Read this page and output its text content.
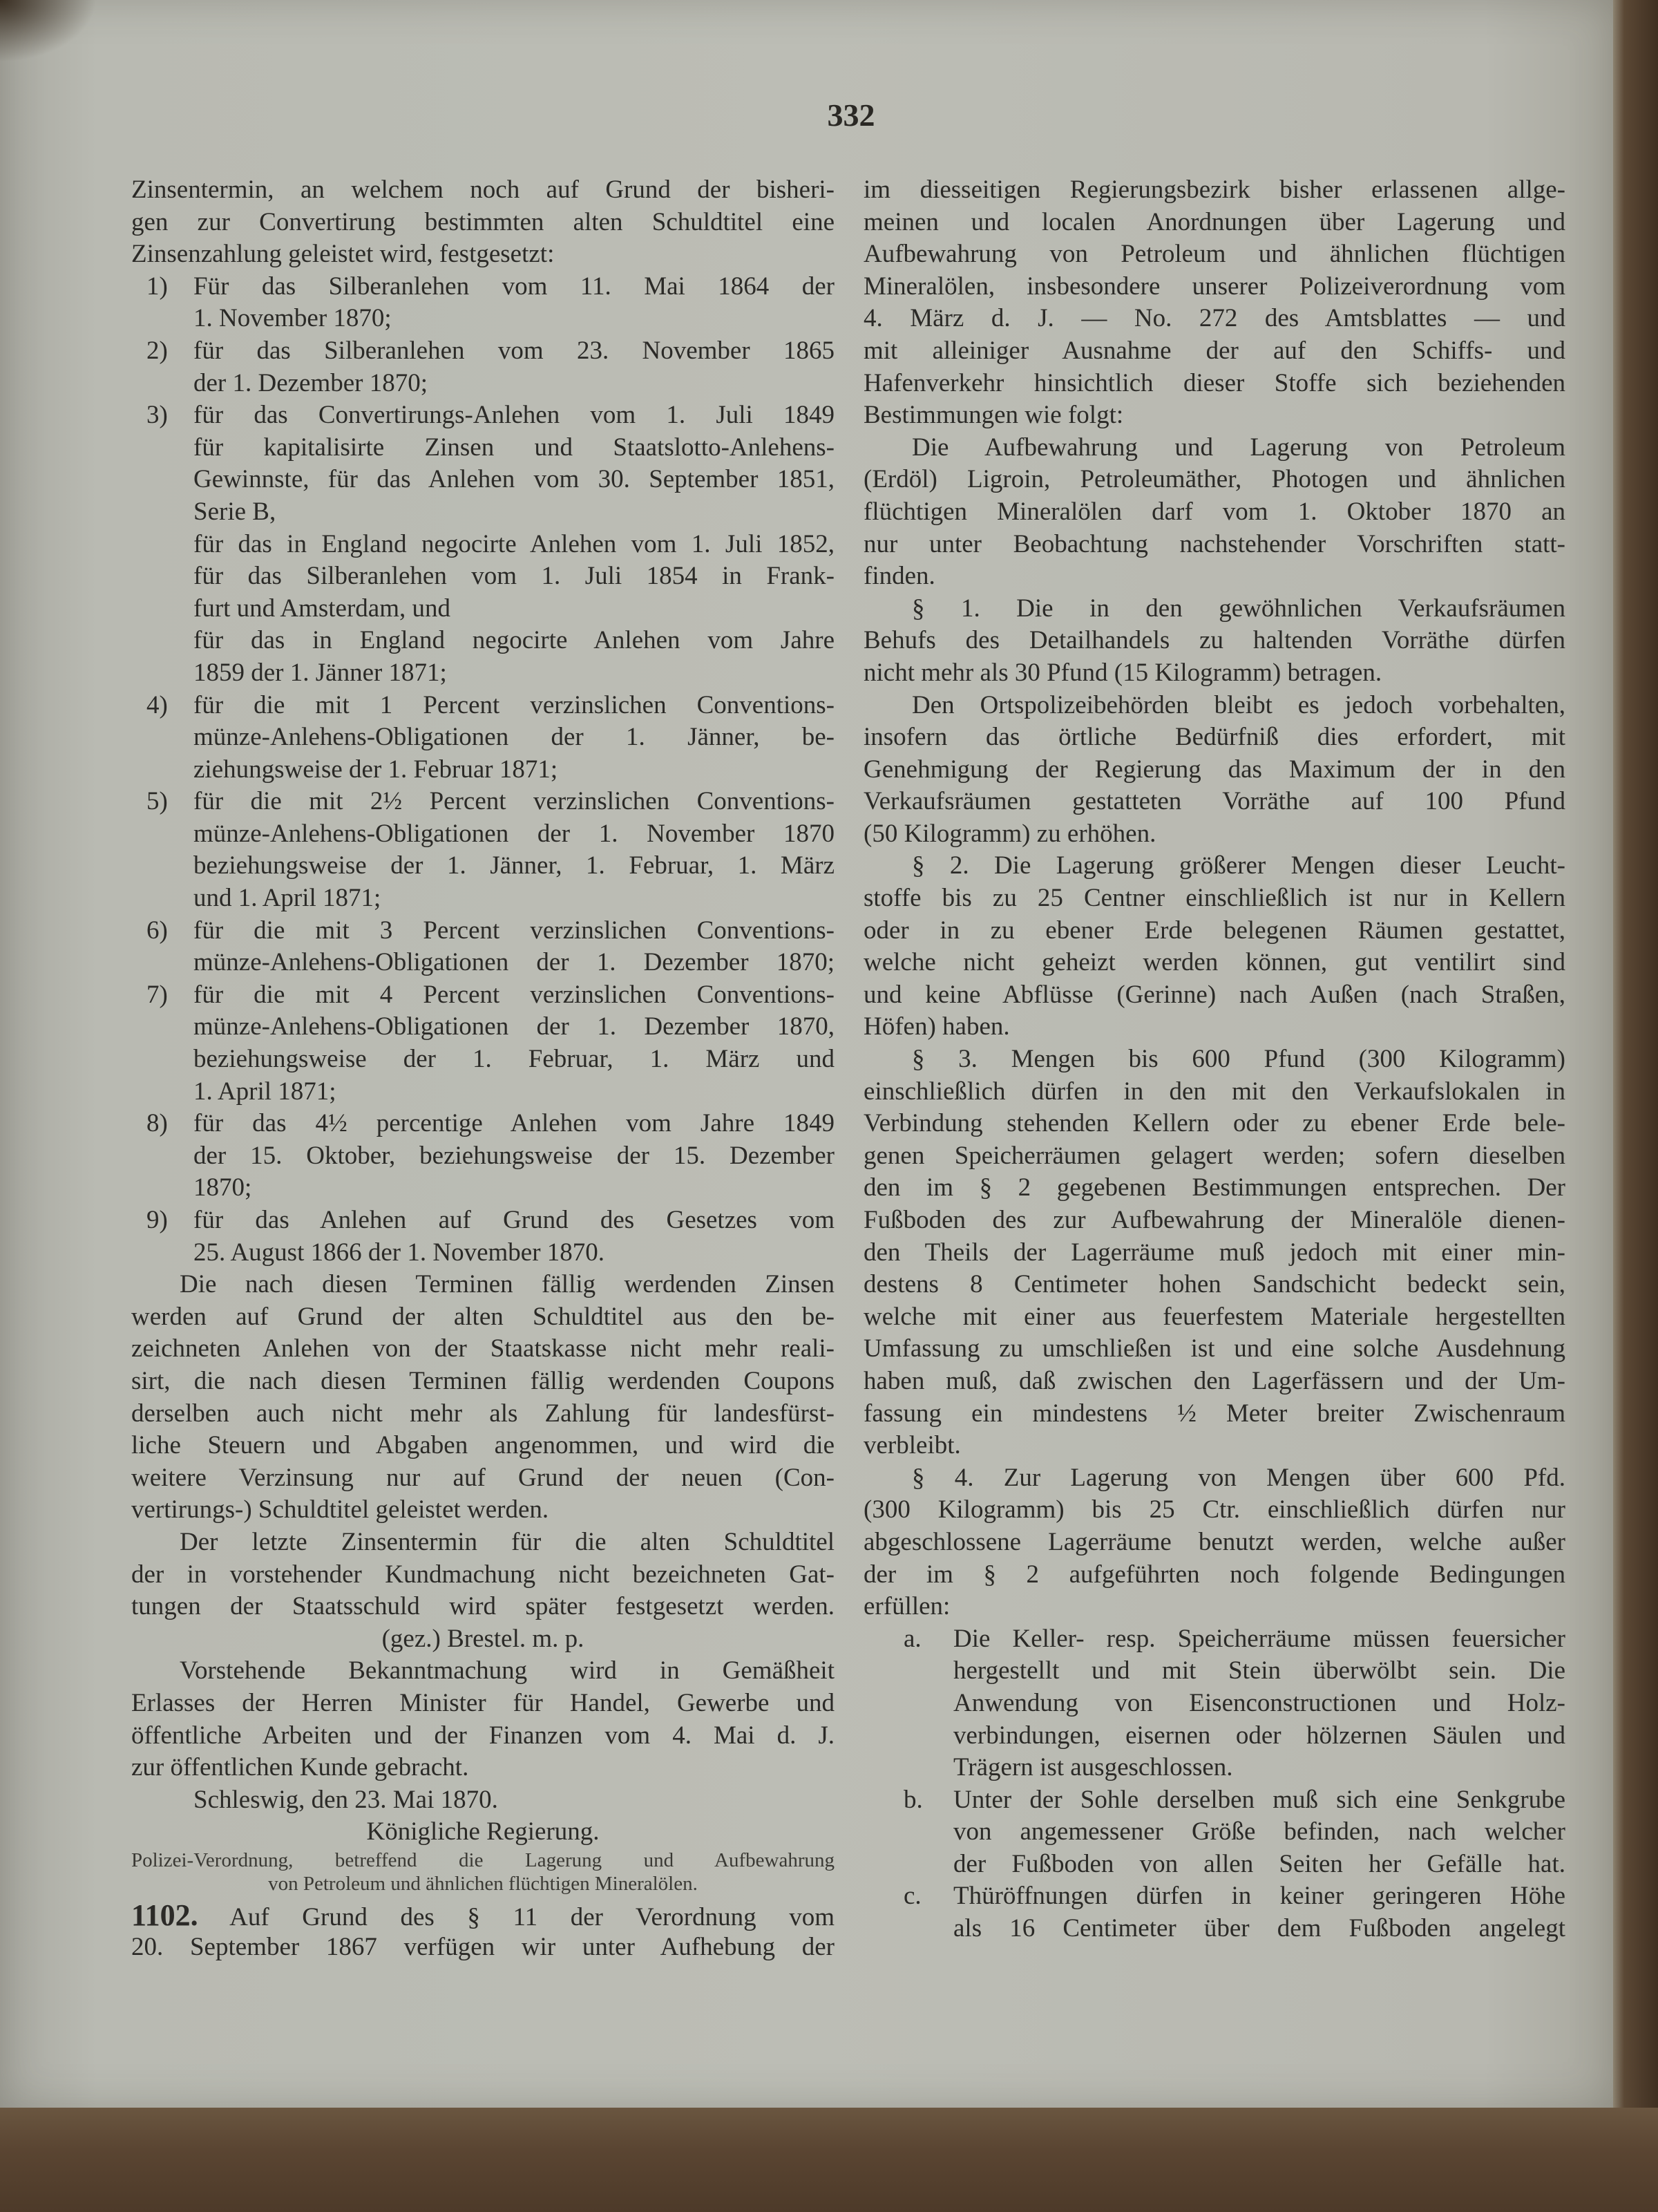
332
Zinsentermin, an welchem noch auf Grund der bisheri-
gen zur Convertirung bestimmten alten Schuldtitel eine
Zinsenzahlung geleistet wird, festgesetzt:
1) Für das Silberanlehen vom 11. Mai 1864 der
1. November 1870;
2) für das Silberanlehen vom 23. November 1865
der 1. Dezember 1870;
3) für das Convertirungs-Anlehen vom 1. Juli 1849
für kapitalisirte Zinsen und Staatslotto-Anlehens-
Gewinnste, für das Anlehen vom 30. September 1851,
Serie B,
für das in England negocirte Anlehen vom 1. Juli 1852,
für das Silberanlehen vom 1. Juli 1854 in Frank-
furt und Amsterdam, und
für das in England negocirte Anlehen vom Jahre
1859 der 1. Jänner 1871;
4) für die mit 1 Percent verzinslichen Conventions-
münze-Anlehens-Obligationen der 1. Jänner, be-
ziehungsweise der 1. Februar 1871;
5) für die mit 2½ Percent verzinslichen Conventions-
münze-Anlehens-Obligationen der 1. November 1870
beziehungsweise der 1. Jänner, 1. Februar, 1. März
und 1. April 1871;
6) für die mit 3 Percent verzinslichen Conventions-
münze-Anlehens-Obligationen der 1. Dezember 1870;
7) für die mit 4 Percent verzinslichen Conventions-
münze-Anlehens-Obligationen der 1. Dezember 1870,
beziehungsweise der 1. Februar, 1. März und
1. April 1871;
8) für das 4½ percentige Anlehen vom Jahre 1849
der 15. Oktober, beziehungsweise der 15. Dezember
1870;
9) für das Anlehen auf Grund des Gesetzes vom
25. August 1866 der 1. November 1870.
Die nach diesen Terminen fällig werdenden Zinsen
werden auf Grund der alten Schuldtitel aus den be-
zeichneten Anlehen von der Staatskasse nicht mehr reali-
sirt, die nach diesen Terminen fällig werdenden Coupons
derselben auch nicht mehr als Zahlung für landesfürst-
liche Steuern und Abgaben angenommen, und wird die
weitere Verzinsung nur auf Grund der neuen (Con-
vertirungs-) Schuldtitel geleistet werden.
Der letzte Zinsentermin für die alten Schuldtitel
der in vorstehender Kundmachung nicht bezeichneten Gat-
tungen der Staatsschuld wird später festgesetzt werden.
(gez.) Brestel. m. p.
Vorstehende Bekanntmachung wird in Gemäßheit
Erlasses der Herren Minister für Handel, Gewerbe und
öffentliche Arbeiten und der Finanzen vom 4. Mai d. J.
zur öffentlichen Kunde gebracht.
Schleswig, den 23. Mai 1870.
Königliche Regierung.
Polizei-Verordnung, betreffend die Lagerung und Aufbewahrung
von Petroleum und ähnlichen flüchtigen Mineralölen.
1102. Auf Grund des § 11 der Verordnung vom
20. September 1867 verfügen wir unter Aufhebung der
im diesseitigen Regierungsbezirk bisher erlassenen allge-
meinen und localen Anordnungen über Lagerung und
Aufbewahrung von Petroleum und ähnlichen flüchtigen
Mineralölen, insbesondere unserer Polizeiverordnung vom
4. März d. J. — No. 272 des Amtsblattes — und
mit alleiniger Ausnahme der auf den Schiffs- und
Hafenverkehr hinsichtlich dieser Stoffe sich beziehenden
Bestimmungen wie folgt:
Die Aufbewahrung und Lagerung von Petroleum
(Erdöl) Ligroin, Petroleumäther, Photogen und ähnlichen
flüchtigen Mineralölen darf vom 1. Oktober 1870 an
nur unter Beobachtung nachstehender Vorschriften statt-
finden.
§ 1. Die in den gewöhnlichen Verkaufsräumen
Behufs des Detailhandels zu haltenden Vorräthe dürfen
nicht mehr als 30 Pfund (15 Kilogramm) betragen.
Den Ortspolizeibehörden bleibt es jedoch vorbehalten,
insofern das örtliche Bedürfniß dies erfordert, mit
Genehmigung der Regierung das Maximum der in den
Verkaufsräumen gestatteten Vorräthe auf 100 Pfund
(50 Kilogramm) zu erhöhen.
§ 2. Die Lagerung größerer Mengen dieser Leucht-
stoffe bis zu 25 Centner einschließlich ist nur in Kellern
oder in zu ebener Erde belegenen Räumen gestattet,
welche nicht geheizt werden können, gut ventilirt sind
und keine Abflüsse (Gerinne) nach Außen (nach Straßen,
Höfen) haben.
§ 3. Mengen bis 600 Pfund (300 Kilogramm)
einschließlich dürfen in den mit den Verkaufslokalen in
Verbindung stehenden Kellern oder zu ebener Erde bele-
genen Speicherräumen gelagert werden; sofern dieselben
den im § 2 gegebenen Bestimmungen entsprechen. Der
Fußboden des zur Aufbewahrung der Mineralöle dienen-
den Theils der Lagerräume muß jedoch mit einer min-
destens 8 Centimeter hohen Sandschicht bedeckt sein,
welche mit einer aus feuerfestem Materiale hergestellten
Umfassung zu umschließen ist und eine solche Ausdehnung
haben muß, daß zwischen den Lagerfässern und der Um-
fassung ein mindestens ½ Meter breiter Zwischenraum
verbleibt.
§ 4. Zur Lagerung von Mengen über 600 Pfd.
(300 Kilogramm) bis 25 Ctr. einschließlich dürfen nur
abgeschlossene Lagerräume benutzt werden, welche außer
der im § 2 aufgeführten noch folgende Bedingungen
erfüllen:
a. Die Keller- resp. Speicherräume müssen feuersicher
hergestellt und mit Stein überwölbt sein. Die
Anwendung von Eisenconstructionen und Holz-
verbindungen, eisernen oder hölzernen Säulen und
Trägern ist ausgeschlossen.
b. Unter der Sohle derselben muß sich eine Senkgrube
von angemessener Größe befinden, nach welcher
der Fußboden von allen Seiten her Gefälle hat.
c. Thüröffnungen dürfen in keiner geringeren Höhe
als 16 Centimeter über dem Fußboden angelegt
